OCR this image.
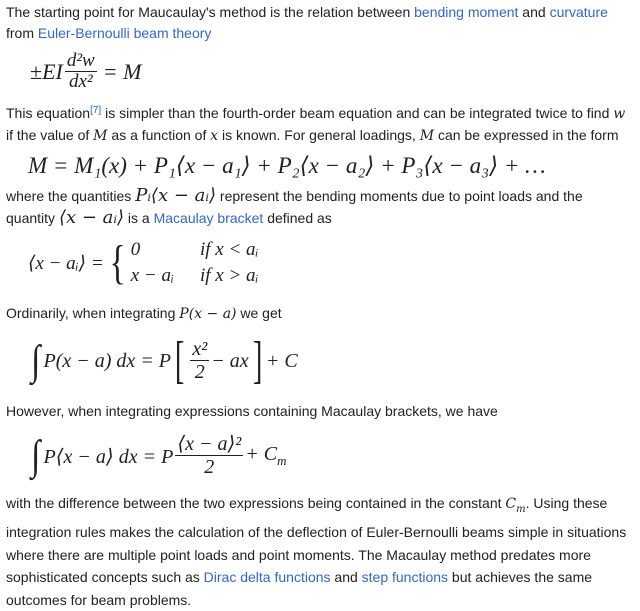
The starting point for Maucaulay's method is the relation between bending moment and curvature
from Euler-Bernoulli beam theory

± EI $\frac{\text{d²w}}{\text{dx²}} = M$

This equation[7] is simpler than the fourth-order beam equation and can be integrated twice to find w
if the value of M as a function of x is known. For general loadings, M can be expressed in the form

M = M₁(x) + P₁⟨x − a₁⟩ + P₂⟨x − a₂⟩ + P₃⟨x − a₃⟩ + …

where the quantities Pᵢ⟨x − aᵢ⟩ represent the bending moments due to point loads and the
quantity ⟨x − aᵢ⟩ is a Macaulay bracket defined as

⟨x − aᵢ⟩ = { 0	if x < aᵢ
x − aᵢ if x > aᵢ

Ordinarily, when integrating P(x − a) we get

∫ P(x − a) dx = P [ $\frac{\text{x²}}{2}$ − ax ] + C

However, when integrating expressions containing Macaulay brackets, we have

∫ P⟨x − a⟩ dx = P $\frac{\text{⟨x − a⟩²}}{2} + C_m$

with the difference between the two expressions being contained in the constant $C_m$. Using these
integration rules makes the calculation of the deflection of Euler-Bernoulli beams simple in situations
where there are multiple point loads and point moments. The Macaulay method predates more
sophisticated concepts such as Dirac delta functions and step functions but achieves the same
outcomes for beam problems.
